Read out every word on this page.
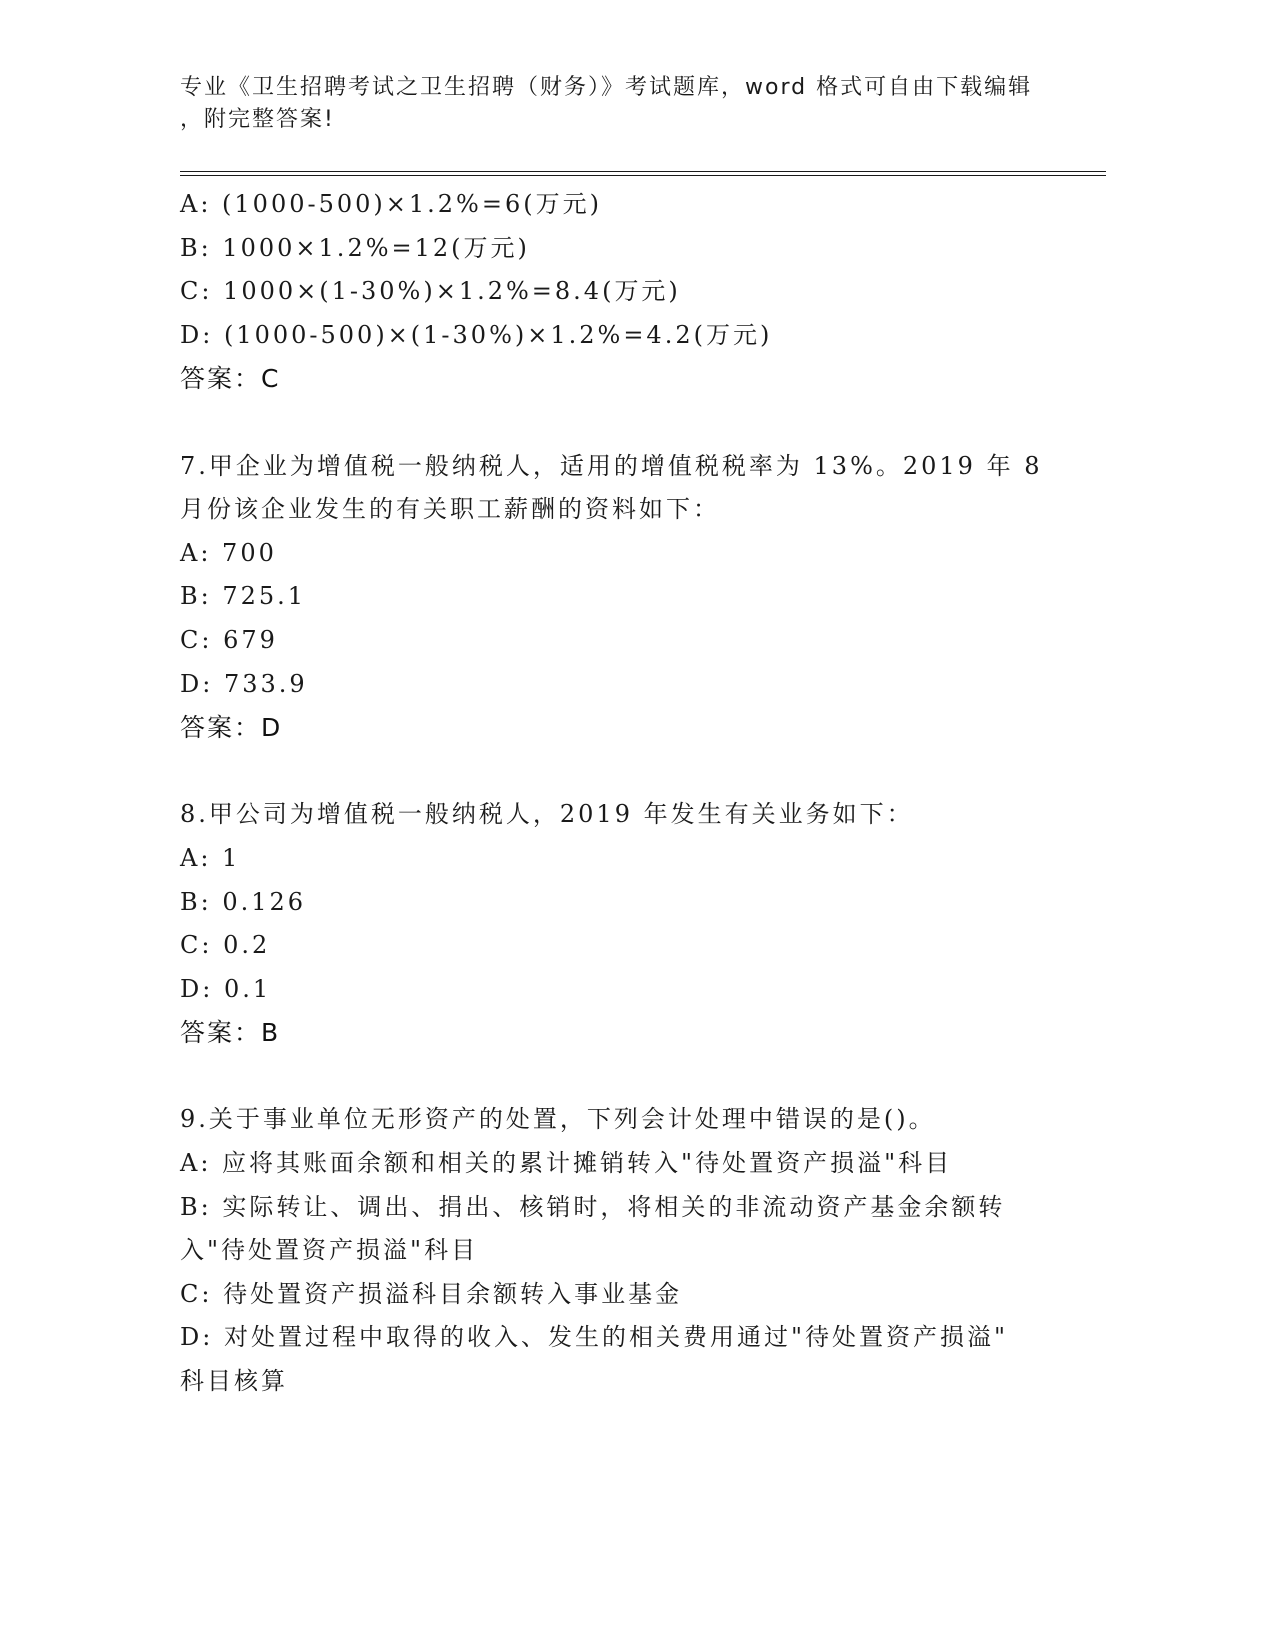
专业《卫生招聘考试之卫生招聘（财务）》考试题库，word 格式可自由下载编辑
，附完整答案!
A: (1000-500)×1.2%=6(万元)
B: 1000×1.2%=12(万元)
C: 1000×(1-30%)×1.2%=8.4(万元)
D: (1000-500)×(1-30%)×1.2%=4.2(万元)
答案：C
7.甲企业为增值税一般纳税人，适用的增值税税率为 13%。2019 年 8
月份该企业发生的有关职工薪酬的资料如下：
A: 700
B: 725.1
C: 679
D: 733.9
答案：D
8.甲公司为增值税一般纳税人，2019 年发生有关业务如下：
A: 1
B: 0.126
C: 0.2
D: 0.1
答案：B
9.关于事业单位无形资产的处置，下列会计处理中错误的是()。
A: 应将其账面余额和相关的累计摊销转入"待处置资产损溢"科目
B: 实际转让、调出、捐出、核销时，将相关的非流动资产基金余额转
入"待处置资产损溢"科目
C: 待处置资产损溢科目余额转入事业基金
D: 对处置过程中取得的收入、发生的相关费用通过"待处置资产损溢"
科目核算
